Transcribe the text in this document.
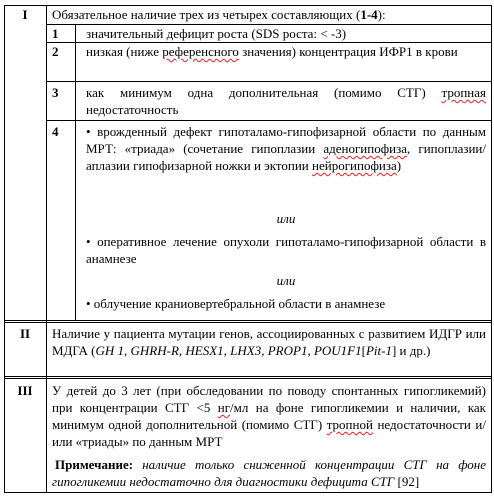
I	Обязательное наличие трех из четырех составляющих (1-4):
1	значительный дефицит роста (SDS роста: < -3)
2	низкая (ниже референсного значения) концентрация ИФР1 в крови
3	как минимум одна дополнительная (помимо СТГ) тропная недостаточность
4	• врожденный дефект гипоталамо-гипофизарной области по данным МРТ: «триада» (сочетание гипоплазии аденогипофиза, гипоплазии/аплазии гипофизарной ножки и эктопии нейрогипофиза)
или
• оперативное лечение опухоли гипоталамо-гипофизарной области в анамнезе
или
• облучение краниовертебральной области в анамнезе
II	Наличие у пациента мутации генов, ассоциированных с развитием ИДГР или МДГА (GH 1, GHRH-R, HESX1, LHX3, PROP1, POU1F1[Pit-1] и др.)
III	У детей до 3 лет (при обследовании по поводу спонтанных гипогликемий) при концентрации СТГ <5 нг/мл на фоне гипогликемии и наличии, как минимум одной дополнительной (помимо СТГ) тропной недостаточности и/или «триады» по данным МРТ
Примечание: наличие только сниженной концентрации СТГ на фоне гипогликемии недостаточно для диагностики дефицита СТГ [92]
